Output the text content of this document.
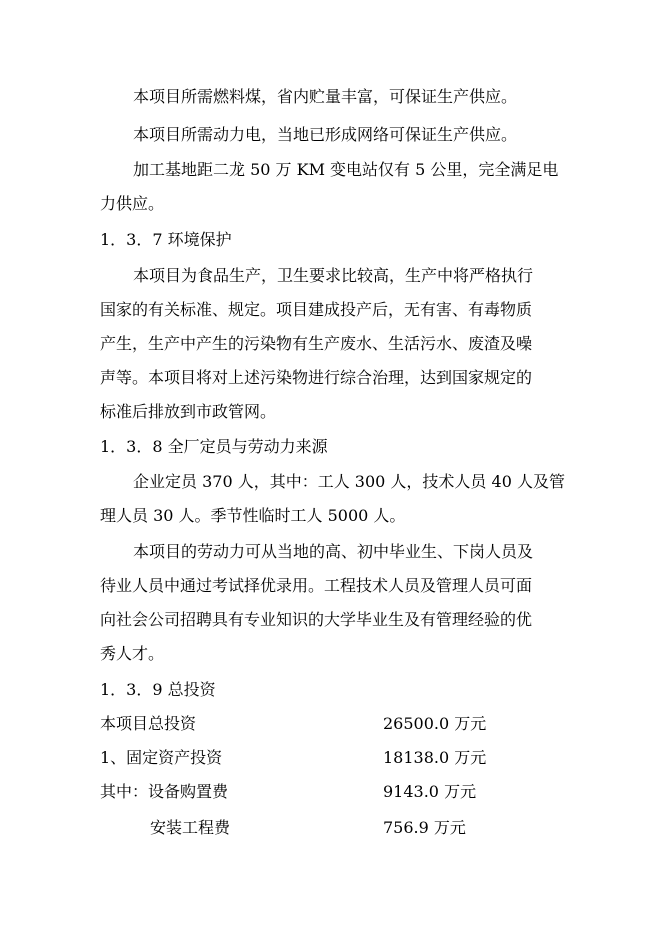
本项目所需燃料煤，省内贮量丰富，可保证生产供应。
本项目所需动力电，当地已形成网络可保证生产供应。
加工基地距二龙 50 万 KM 变电站仅有 5 公里，完全满足电
力供应。
1．3．7 环境保护
本项目为食品生产，卫生要求比较高，生产中将严格执行
国家的有关标准、规定。项目建成投产后，无有害、有毒物质
产生，生产中产生的污染物有生产废水、生活污水、废渣及噪
声等。本项目将对上述污染物进行综合治理，达到国家规定的
标准后排放到市政管网。
1．3．8 全厂定员与劳动力来源
企业定员 370 人，其中：工人 300 人，技术人员 40 人及管
理人员 30 人。季节性临时工人 5000 人。
本项目的劳动力可从当地的高、初中毕业生、下岗人员及
待业人员中通过考试择优录用。工程技术人员及管理人员可面
向社会公司招聘具有专业知识的大学毕业生及有管理经验的优
秀人才。
1．3．9 总投资
本项目总投资	26500.0 万元
1、固定资产投资	18138.0 万元
其中：设备购置费	9143.0 万元
安装工程费	756.9 万元
